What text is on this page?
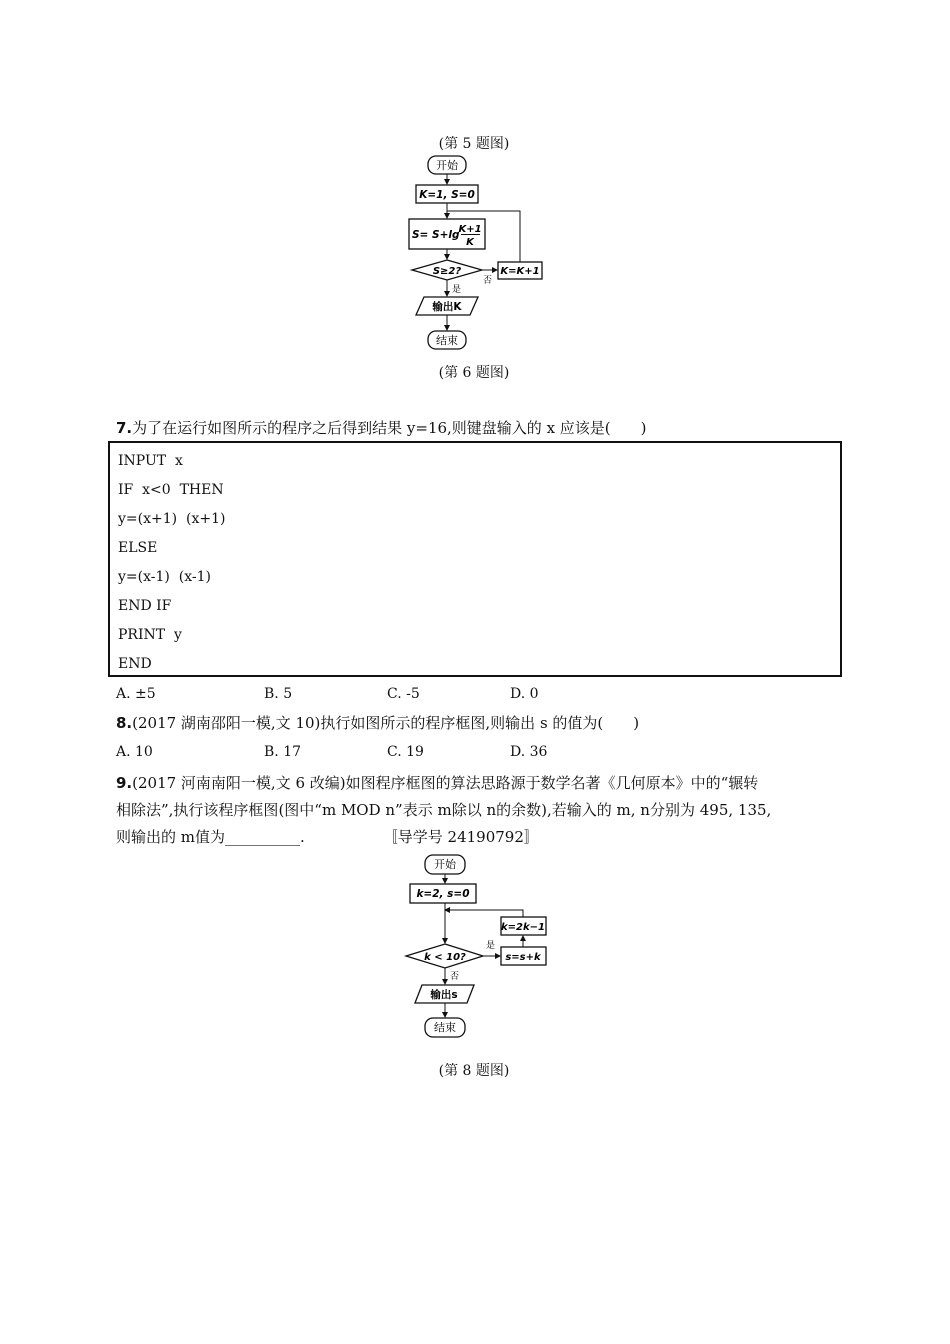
(第 5 题图)
开始
K=1, S=0
S= S+lg
K+1
K
S≥2?
否
K=K+1
是
输出K
结束
(第 6 题图)
7.为了在运行如图所示的程序之后得到结果 y=16,则键盘输入的 x 应该是(　　)
INPUT  x
IF  x<0  THEN
y=(x+1)  (x+1)
ELSE
y=(x-1)  (x-1)
END IF
PRINT  y
END
A. ±5	B. 5	C. -5	D. 0
8.(2017 湖南邵阳一模,文 10)执行如图所示的程序框图,则输出 s 的值为(　　)
A. 10	B. 17	C. 19	D. 36
9.(2017 河南南阳一模,文 6 改编)如图程序框图的算法思路源于数学名著《几何原本》中的“辗转
相除法”,执行该程序框图(图中“m MOD n”表示 m除以 n的余数),若输入的 m, n分别为 495, 135,
则输出的 m值为__________.	〚导学号 24190792〛
开始
k=2, s=0
k < 10?
是
s=s+k
k=2k−1
否
输出s
结束
(第 8 题图)
